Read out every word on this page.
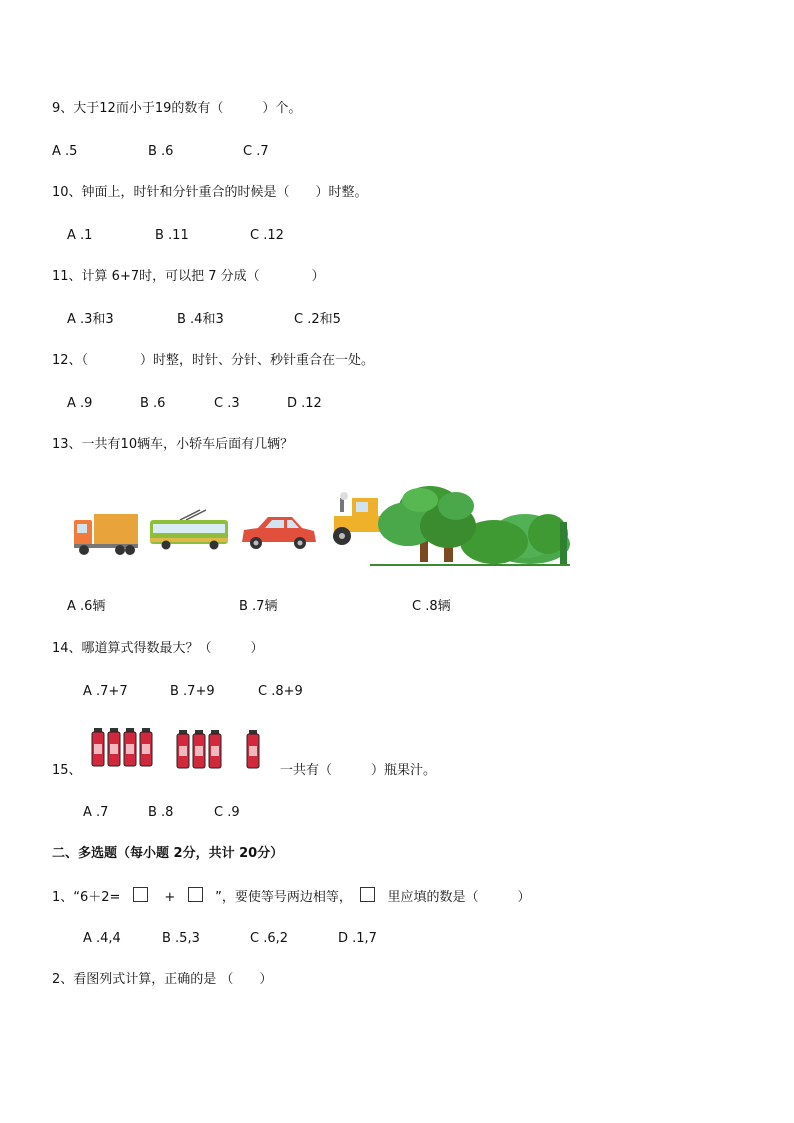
9、大于12而小于19的数有（　　　）个。
A .5	B .6	C .7
10、钟面上，时针和分针重合的时候是（　　）时整。
A .1	B .11	C .12
11、计算 6+7时，可以把 7 分成（　　　　）
A .3和3	B .4和3	C .2和5
12、（　　　　）时整，时针、分针、秒针重合在一处。
A .9	B .6	C .3	D .12
13、一共有10辆车，小轿车后面有几辆？
A .6辆	B .7辆	C .8辆
14、哪道算式得数最大？（　　　）
A .7+7	B .7+9	C .8+9
15、	一共有（　　　）瓶果汁。
A .7	B .8	C .9
二、多选题（每小题 2分，共计 20分）
1、“6＋2=	+	”，要使等号两边相等，	里应填的数是（　　　）
A .4,4	B .5,3	C .6,2	D .1,7
2、看图列式计算，正确的是 （　　）
